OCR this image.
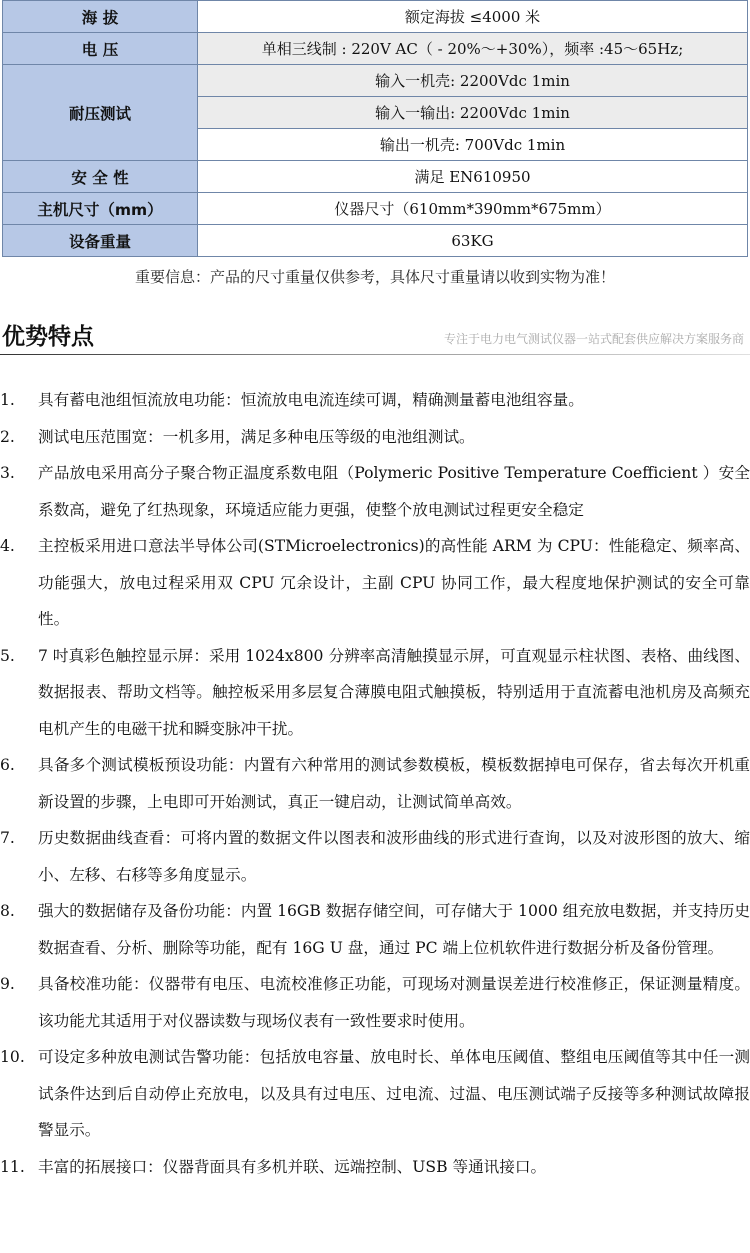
海 拔	额定海拔 ≤4000 米
电 压	单相三线制 : 220V AC（ - 20%～+30%），频率 :45～65Hz;
耐压测试	输入一机壳: 2200Vdc 1min
	输入一输出: 2200Vdc 1min
	输出一机壳: 700Vdc 1min
安 全 性	满足 EN610950
主机尺寸（mm）	仪器尺寸（610mm*390mm*675mm）
设备重量	63KG
重要信息：产品的尺寸重量仅供参考，具体尺寸重量请以收到实物为准！
优势特点	专注于电力电气测试仪器一站式配套供应解决方案服务商
1. 具有蓄电池组恒流放电功能：恒流放电电流连续可调，精确测量蓄电池组容量。
2. 测试电压范围宽：一机多用，满足多种电压等级的电池组测试。
3. 产品放电采用高分子聚合物正温度系数电阻（Polymeric Positive Temperature Coefficient ）安全系数高，避免了红热现象，环境适应能力更强，使整个放电测试过程更安全稳定
4. 主控板采用进口意法半导体公司(STMicroelectronics)的高性能 ARM 为 CPU：性能稳定、频率高、功能强大，放电过程采用双 CPU 冗余设计，主副 CPU 协同工作，最大程度地保护测试的安全可靠性。
5. 7 吋真彩色触控显示屏：采用 1024x800 分辨率高清触摸显示屏，可直观显示柱状图、表格、曲线图、数据报表、帮助文档等。触控板采用多层复合薄膜电阻式触摸板，特别适用于直流蓄电池机房及高频充电机产生的电磁干扰和瞬变脉冲干扰。
6. 具备多个测试模板预设功能：内置有六种常用的测试参数模板，模板数据掉电可保存，省去每次开机重新设置的步骤，上电即可开始测试，真正一键启动，让测试简单高效。
7. 历史数据曲线查看：可将内置的数据文件以图表和波形曲线的形式进行查询，以及对波形图的放大、缩小、左移、右移等多角度显示。
8. 强大的数据储存及备份功能：内置 16GB 数据存储空间，可存储大于 1000 组充放电数据，并支持历史数据查看、分析、删除等功能，配有 16G U 盘，通过 PC 端上位机软件进行数据分析及备份管理。
9. 具备校准功能：仪器带有电压、电流校准修正功能，可现场对测量误差进行校准修正，保证测量精度。该功能尤其适用于对仪器读数与现场仪表有一致性要求时使用。
10. 可设定多种放电测试告警功能：包括放电容量、放电时长、单体电压阈值、整组电压阈值等其中任一测试条件达到后自动停止充放电，以及具有过电压、过电流、过温、电压测试端子反接等多种测试故障报警显示。
11. 丰富的拓展接口：仪器背面具有多机并联、远端控制、USB 等通讯接口。
